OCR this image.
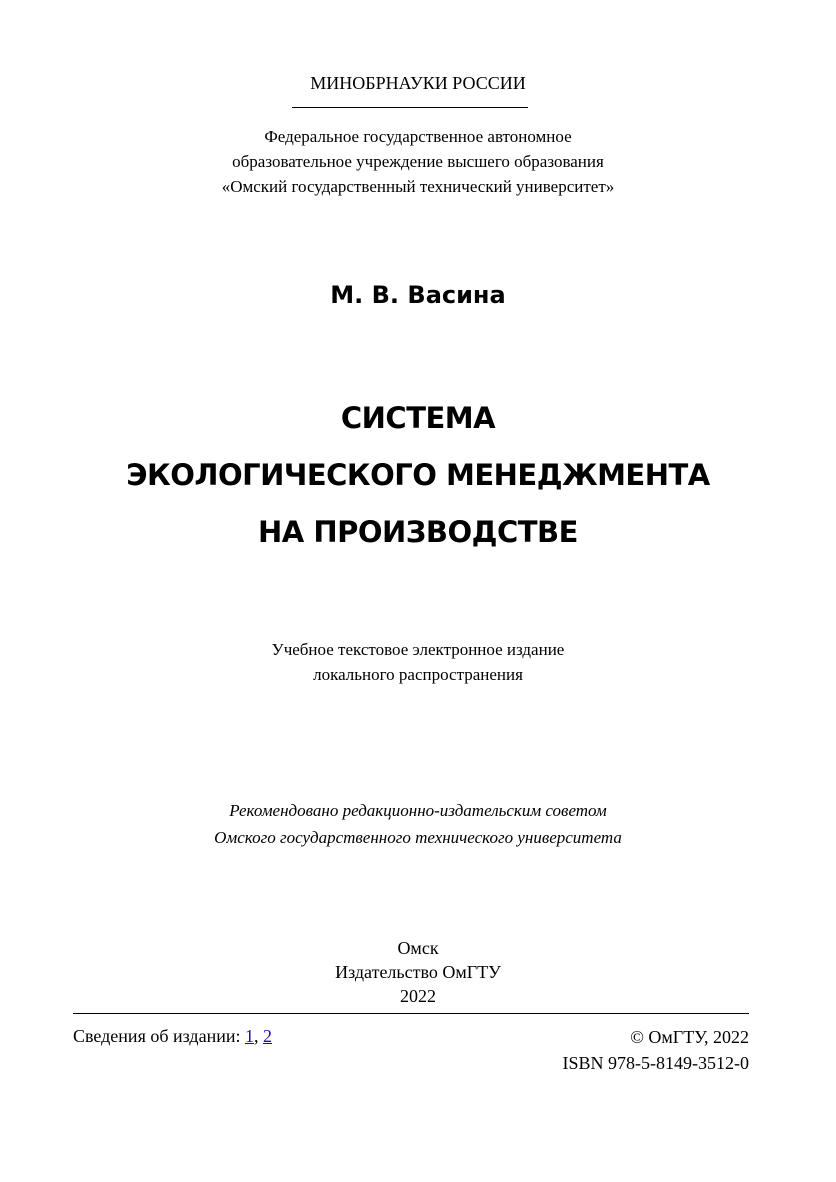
МИНОБРНАУКИ РОССИИ
Федеральное государственное автономное
образовательное учреждение высшего образования
«Омский государственный технический университет»
М. В. Васина
СИСТЕМА
ЭКОЛОГИЧЕСКОГО МЕНЕДЖМЕНТА
НА ПРОИЗВОДСТВЕ
Учебное текстовое электронное издание
локального распространения
Рекомендовано редакционно-издательским советом
Омского государственного технического университета
Омск
Издательство ОмГТУ
2022
Сведения об издании: 1, 2	© ОмГТУ, 2022
ISBN 978-5-8149-3512-0
